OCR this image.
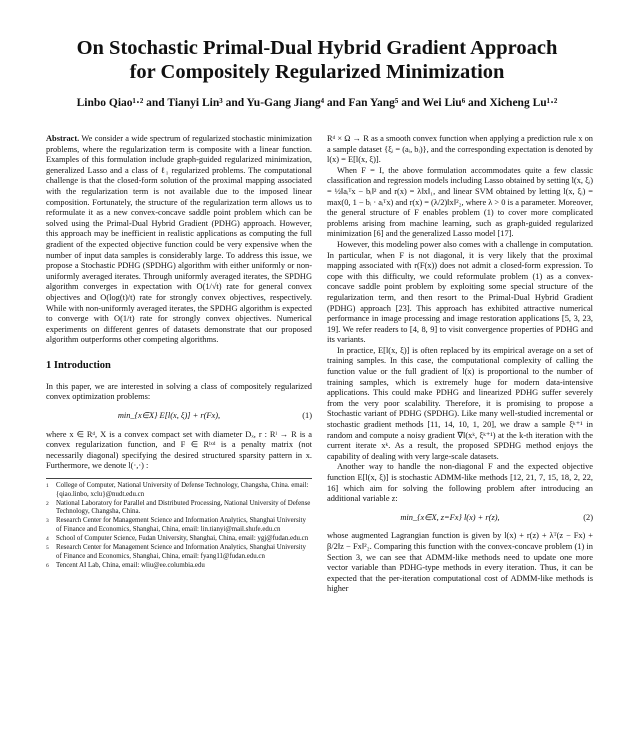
On Stochastic Primal-Dual Hybrid Gradient Approach
for Compositely Regularized Minimization
Linbo Qiao¹·² and Tianyi Lin³ and Yu-Gang Jiang⁴ and Fan Yang⁵ and Wei Liu⁶ and Xicheng Lu¹·²

Abstract. We consider a wide spectrum of regularized stochastic minimization problems, where the regularization term is composite with a linear function. Examples of this formulation include graph-guided regularized minimization, generalized Lasso and a class of ℓ₁ regularized problems. The computational challenge is that the closed-form solution of the proximal mapping associated with the regularization term is not available due to the imposed linear composition. Fortunately, the structure of the regularization term allows us to reformulate it as a new convex-concave saddle point problem which can be solved using the Primal-Dual Hybrid Gradient (PDHG) approach. However, this approach may be inefficient in realistic applications as computing the full gradient of the expected objective function could be very expensive when the number of input data samples is considerably large. To address this issue, we propose a Stochastic PDHG (SPDHG) algorithm with either uniformly or non-uniformly averaged iterates. Through uniformly averaged iterates, the SPDHG algorithm converges in expectation with O(1/√t) rate for general convex objectives and O(log(t)/t) rate for strongly convex objectives, respectively. While with non-uniformly averaged iterates, the SPDHG algorithm is expected to converge with O(1/t) rate for strongly convex objectives. Numerical experiments on different genres of datasets demonstrate that our proposed algorithm outperforms other competing algorithms.

1 Introduction

In this paper, we are interested in solving a class of compositely regularized convex optimization problems:

min_{x∈X} E[l(x, ξ)] + r(Fx),	(1)

where x ∈ Rᵈ, X is a convex compact set with diameter Dₓ, r : Rˡ → R is a convex regularization function, and F ∈ Rˡˣᵈ is a penalty matrix (not necessarily diagonal) specifying the desired structured sparsity pattern in x. Furthermore, we denote l(·,·) :

1	College of Computer, National University of Defense Technology, Changsha, China. email: {qiao.linbo, xclu}@nudt.edu.cn
2	National Laboratory for Parallel and Distributed Processing, National University of Defense Technology, Changsha, China.
3	Research Center for Management Science and Information Analytics, Shanghai University of Finance and Economics, Shanghai, China, email: lin.tianyi@mail.shufe.edu.cn
4	School of Computer Science, Fudan University, Shanghai, China, email: ygj@fudan.edu.cn
5	Research Center for Management Science and Information Analytics, Shanghai University of Finance and Economics, Shanghai, China, email: fyang11@fudan.edu.cn
6	Tencent AI Lab, China, email: wliu@ee.columbia.edu

Rᵈ × Ω → R as a smooth convex function when applying a prediction rule x on a sample dataset {ξᵢ = (aᵢ, bᵢ)}, and the corresponding expectation is denoted by l(x) = E[l(x, ξ)].

When F = I, the above formulation accommodates quite a few classic classification and regression models including Lasso obtained by setting l(x, ξᵢ) = ½‖aᵢᵀx − bᵢ‖² and r(x) = λ‖x‖₁, and linear SVM obtained by letting l(x, ξᵢ) = max(0, 1 − bᵢ · aᵢᵀx) and r(x) = (λ/2)‖x‖²₂, where λ > 0 is a parameter. Moreover, the general structure of F enables problem (1) to cover more complicated problems arising from machine learning, such as graph-guided regularized minimization [6] and the generalized Lasso model [17].

However, this modeling power also comes with a challenge in computation. In particular, when F is not diagonal, it is very likely that the proximal mapping associated with r(F(x)) does not admit a closed-form expression. To cope with this difficulty, we could reformulate problem (1) as a convex-concave saddle point problem by exploiting some special structure of the regularization term, and then resort to the Primal-Dual Hybrid Gradient (PDHG) approach [23]. This approach has exhibited attractive numerical performance in image processing and image restoration applications [5, 3, 23, 19]. We refer readers to [4, 8, 9] to visit convergence properties of PDHG and its variants.

In practice, E[l(x, ξ)] is often replaced by its empirical average on a set of training samples. In this case, the computational complexity of calling the function value or the full gradient of l(x) is proportional to the number of training samples, which is extremely huge for modern data-intensive applications. This could make PDHG and linearized PDHG suffer severely from the very poor scalability. Therefore, it is promising to propose a Stochastic variant of PDHG (SPDHG). Like many well-studied incremental or stochastic gradient methods [11, 14, 10, 1, 20], we draw a sample ξᵏ⁺¹ in random and compute a noisy gradient ∇l(xᵏ, ξᵏ⁺¹) at the k-th iteration with the current iterate xᵏ. As a result, the proposed SPDHG method enjoys the capability of dealing with very large-scale datasets.

Another way to handle the non-diagonal F and the expected objective function E[l(x, ξ)] is stochastic ADMM-like methods [12, 21, 7, 15, 18, 2, 22, 16] which aim for solving the following problem after introducing an additional variable z:

min_{x∈X, z=Fx} l(x) + r(z),	(2)

whose augmented Lagrangian function is given by l(x) + r(z) + λᵀ(z − Fx) + β/2‖z − Fx‖²₂. Comparing this function with the convex-concave problem (1) in Section 3, we can see that ADMM-like methods need to update one more vector variable than PDHG-type methods in every iteration. Thus, it can be expected that the per-iteration computational cost of ADMM-like methods is higher
